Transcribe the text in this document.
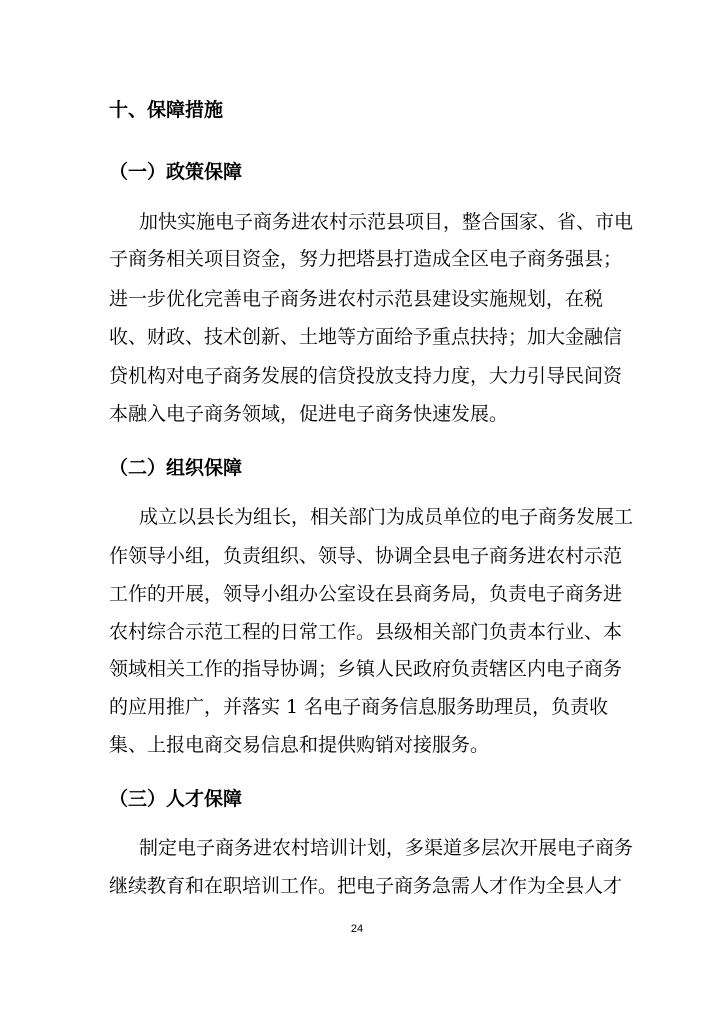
十、保障措施
（一）政策保障

加快实施电子商务进农村示范县项目，整合国家、省、市电

子商务相关项目资金，努力把塔县打造成全区电子商务强县；

进一步优化完善电子商务进农村示范县建设实施规划，在税

收、财政、技术创新、土地等方面给予重点扶持；加大金融信

贷机构对电子商务发展的信贷投放支持力度，大力引导民间资

本融入电子商务领域，促进电子商务快速发展。

（二）组织保障

成立以县长为组长，相关部门为成员单位的电子商务发展工

作领导小组，负责组织、领导、协调全县电子商务进农村示范

工作的开展，领导小组办公室设在县商务局，负责电子商务进

农村综合示范工程的日常工作。县级相关部门负责本行业、本

领域相关工作的指导协调；乡镇人民政府负责辖区内电子商务

的应用推广，并落实 1 名电子商务信息服务助理员，负责收

集、上报电商交易信息和提供购销对接服务。

（三）人才保障

制定电子商务进农村培训计划，多渠道多层次开展电子商务

继续教育和在职培训工作。把电子商务急需人才作为全县人才

24
